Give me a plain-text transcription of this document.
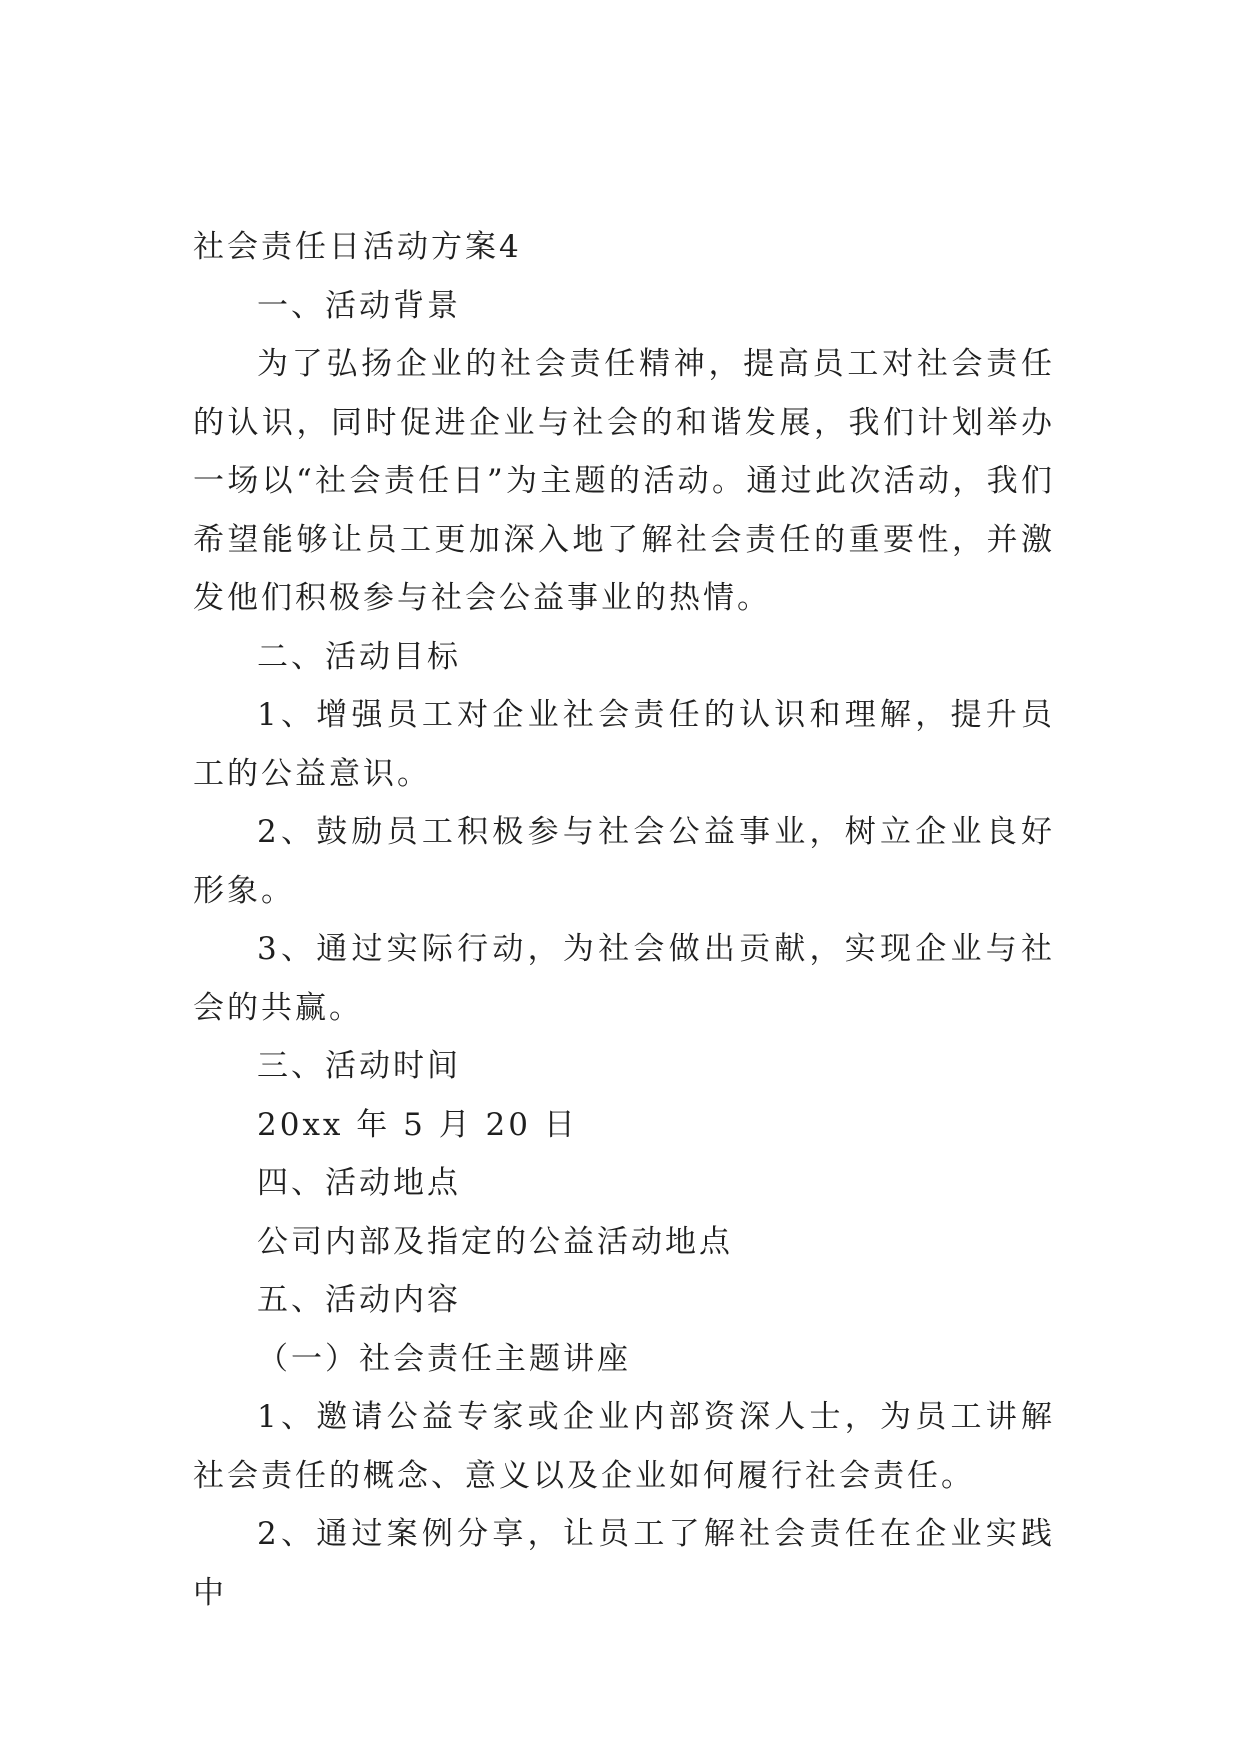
社会责任日活动方案4
一、活动背景
为了弘扬企业的社会责任精神，提高员工对社会责任的认识，同时促进企业与社会的和谐发展，我们计划举办一场以“社会责任日”为主题的活动。通过此次活动，我们希望能够让员工更加深入地了解社会责任的重要性，并激发他们积极参与社会公益事业的热情。
二、活动目标
1、增强员工对企业社会责任的认识和理解，提升员工的公益意识。
2、鼓励员工积极参与社会公益事业，树立企业良好形象。
3、通过实际行动，为社会做出贡献，实现企业与社会的共赢。
三、活动时间
20xx 年 5 月 20 日
四、活动地点
公司内部及指定的公益活动地点
五、活动内容
（一）社会责任主题讲座
1、邀请公益专家或企业内部资深人士，为员工讲解社会责任的概念、意义以及企业如何履行社会责任。
2、通过案例分享，让员工了解社会责任在企业实践中
